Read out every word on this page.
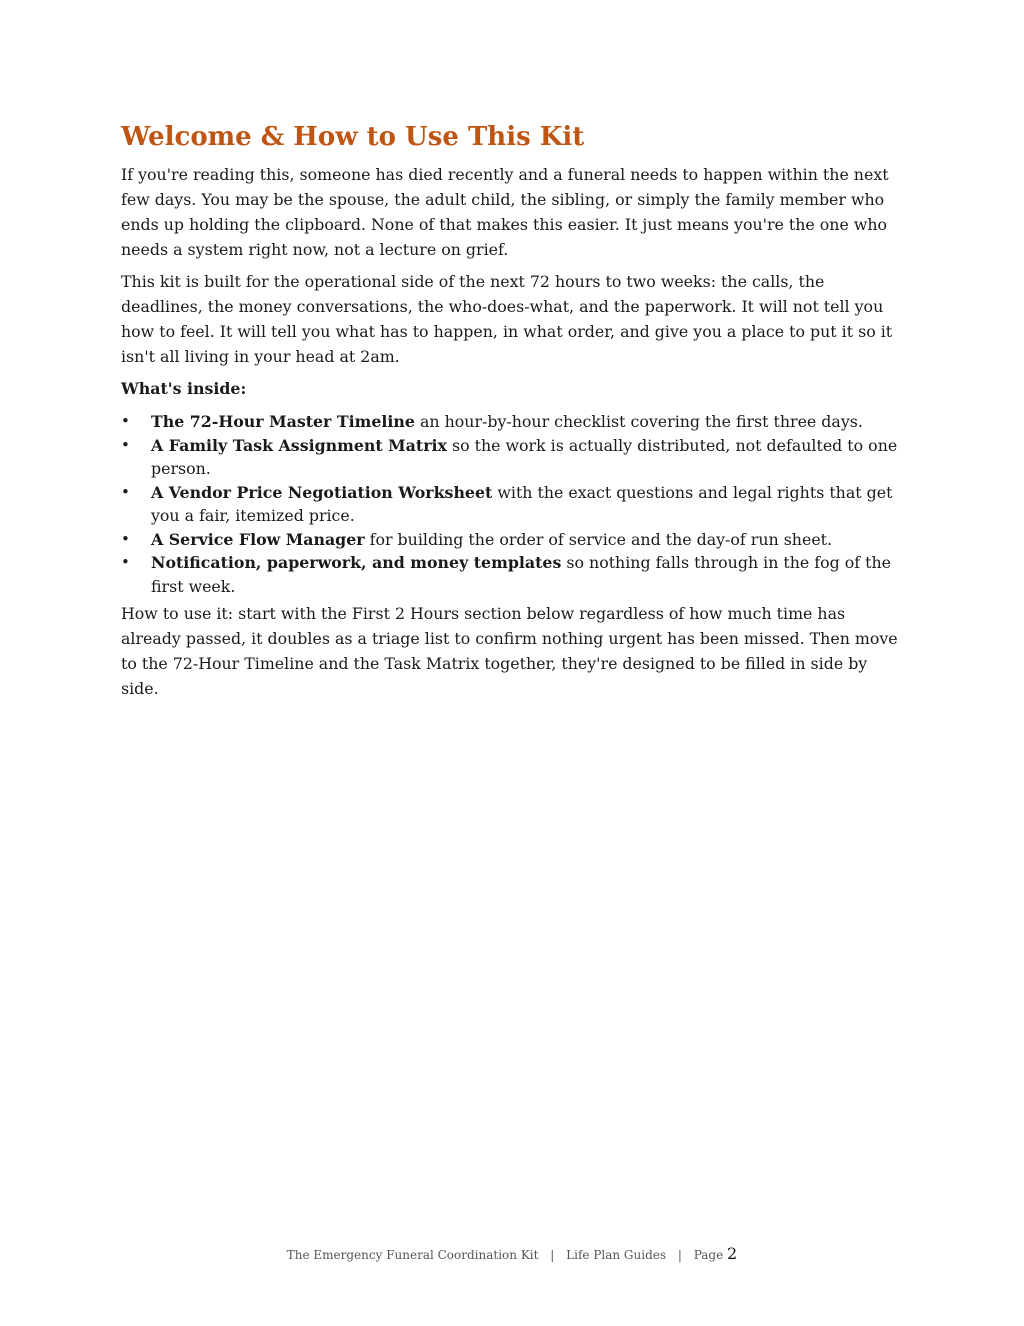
Welcome & How to Use This Kit

If you're reading this, someone has died recently and a funeral needs to happen within the next few days. You may be the spouse, the adult child, the sibling, or simply the family member who ends up holding the clipboard. None of that makes this easier. It just means you're the one who needs a system right now, not a lecture on grief.

This kit is built for the operational side of the next 72 hours to two weeks: the calls, the deadlines, the money conversations, the who-does-what, and the paperwork. It will not tell you how to feel. It will tell you what has to happen, in what order, and give you a place to put it so it isn't all living in your head at 2am.

What's inside:

• The 72-Hour Master Timeline an hour-by-hour checklist covering the first three days.
• A Family Task Assignment Matrix so the work is actually distributed, not defaulted to one person.
• A Vendor Price Negotiation Worksheet with the exact questions and legal rights that get you a fair, itemized price.
• A Service Flow Manager for building the order of service and the day-of run sheet.
• Notification, paperwork, and money templates so nothing falls through in the fog of the first week.

How to use it: start with the First 2 Hours section below regardless of how much time has already passed, it doubles as a triage list to confirm nothing urgent has been missed. Then move to the 72-Hour Timeline and the Task Matrix together, they're designed to be filled in side by side.

The Emergency Funeral Coordination Kit | Life Plan Guides | Page 2
